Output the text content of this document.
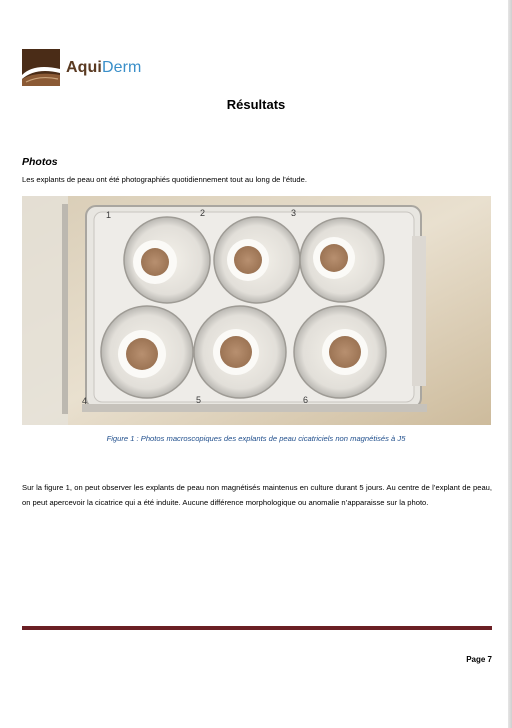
AquiDerm
Résultats
Photos
Les explants de peau ont été photographiés quotidiennement tout au long de l’étude.
1	2	3
4	5	6
Figure 1 : Photos macroscopiques des explants de peau cicatriciels non magnétisés à J5
Sur la figure 1, on peut observer les explants de peau non magnétisés maintenus en culture durant 5 jours. Au centre de l’explant de peau, on peut apercevoir la cicatrice qui a été induite. Aucune différence morphologique ou anomalie n’apparaisse sur la photo.
Page 7
